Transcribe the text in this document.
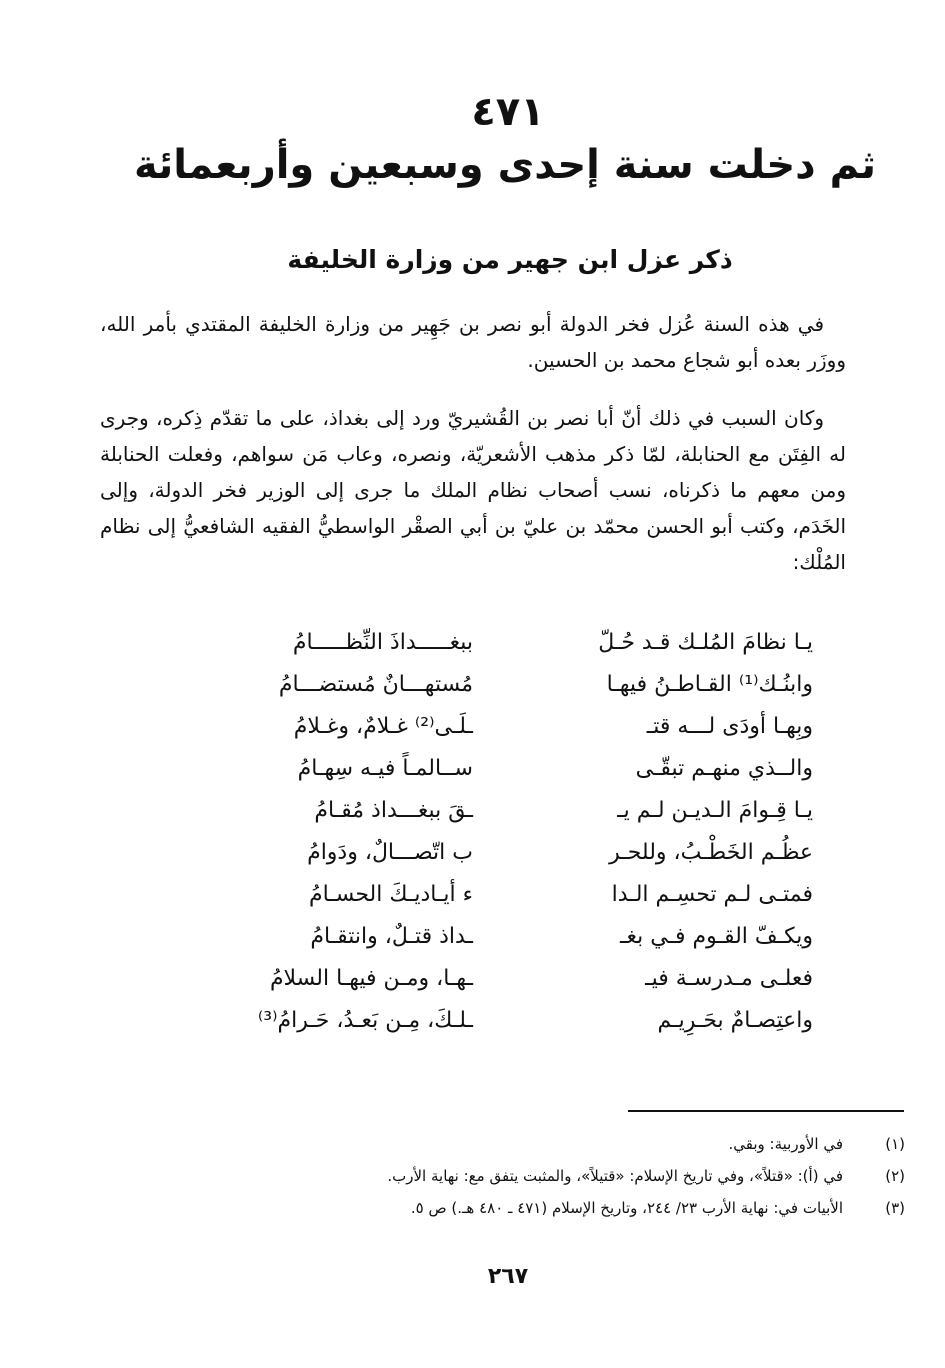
٤٧١
ثم دخلت سنة إحدى وسبعين وأربعمائة
ذكر عزل ابن جهير من وزارة الخليفة

في هذه السنة عُزل فخر الدولة أبو نصر بن جَهِير من وزارة الخليفة المقتدي بأمر الله، ووزَر بعده أبو شجاع محمد بن الحسين.

وكان السبب في ذلك أنّ أبا نصر بن القُشيريّ ورد إلى بغداذ، على ما تقدّم ذِكره، وجرى له الفِتَن مع الحنابلة، لمّا ذكر مذهب الأشعريّة، ونصره، وعاب مَن سواهم، وفعلت الحنابلة ومن معهم ما ذكرناه، نسب أصحاب نظام الملك ما جرى إلى الوزير فخر الدولة، وإلى الخَدَم، وكتب أبو الحسن محمّد بن عليّ بن أبي الصقْر الواسطيُّ الفقيه الشافعيُّ إلى نظام المُلْك:

يـا نظامَ المُلـك قـد حُـلّ
ببغـــــداذَ النِّظـــــامُ
وابنُـك⁽¹⁾ القـاطـنُ فيهـا
مُستهـــانٌ مُستضـــامُ
وبِهـا أودَى لـــه قتـ
ـلَـى⁽²⁾ غـلامٌ، وغـلامُ
والــذي منهـم تبقّـى
ســالمـاً فيـه سِهـامُ
يـا قِـوامَ الـديـن لـم يـ
ـقَ ببغـــداذ مُقـامُ
عظُـم الخَطْـبُ، وللحـر
ب اتّصـــالٌ، ودَوامُ
فمتـى لـم تحسِـم الـدا
ء أيـاديـكَ الحسـامُ
ويكـفّ القـوم فـي بغـ
ـداذ قتـلٌ، وانتقـامُ
فعلـى مـدرسـة فيـ
ـهـا، ومـن فيهـا السلامُ
واعتِصـامٌ بحَـرِيـم
ـلـكَ، مِـن بَعـدُ، حَـرامُ⁽³⁾
(١)
في الأوربية: وبقي.
(٢)
في (أ): «قتلاً»، وفي تاريخ الإسلام: «قتيلاً»، والمثبت يتفق مع: نهاية الأرب.
(٣)
الأبيات في: نهاية الأرب ٢٣/ ٢٤٤، وتاريخ الإسلام (٤٧١ ـ ٤٨٠ هـ.) ص ٥.
٢٦٧
